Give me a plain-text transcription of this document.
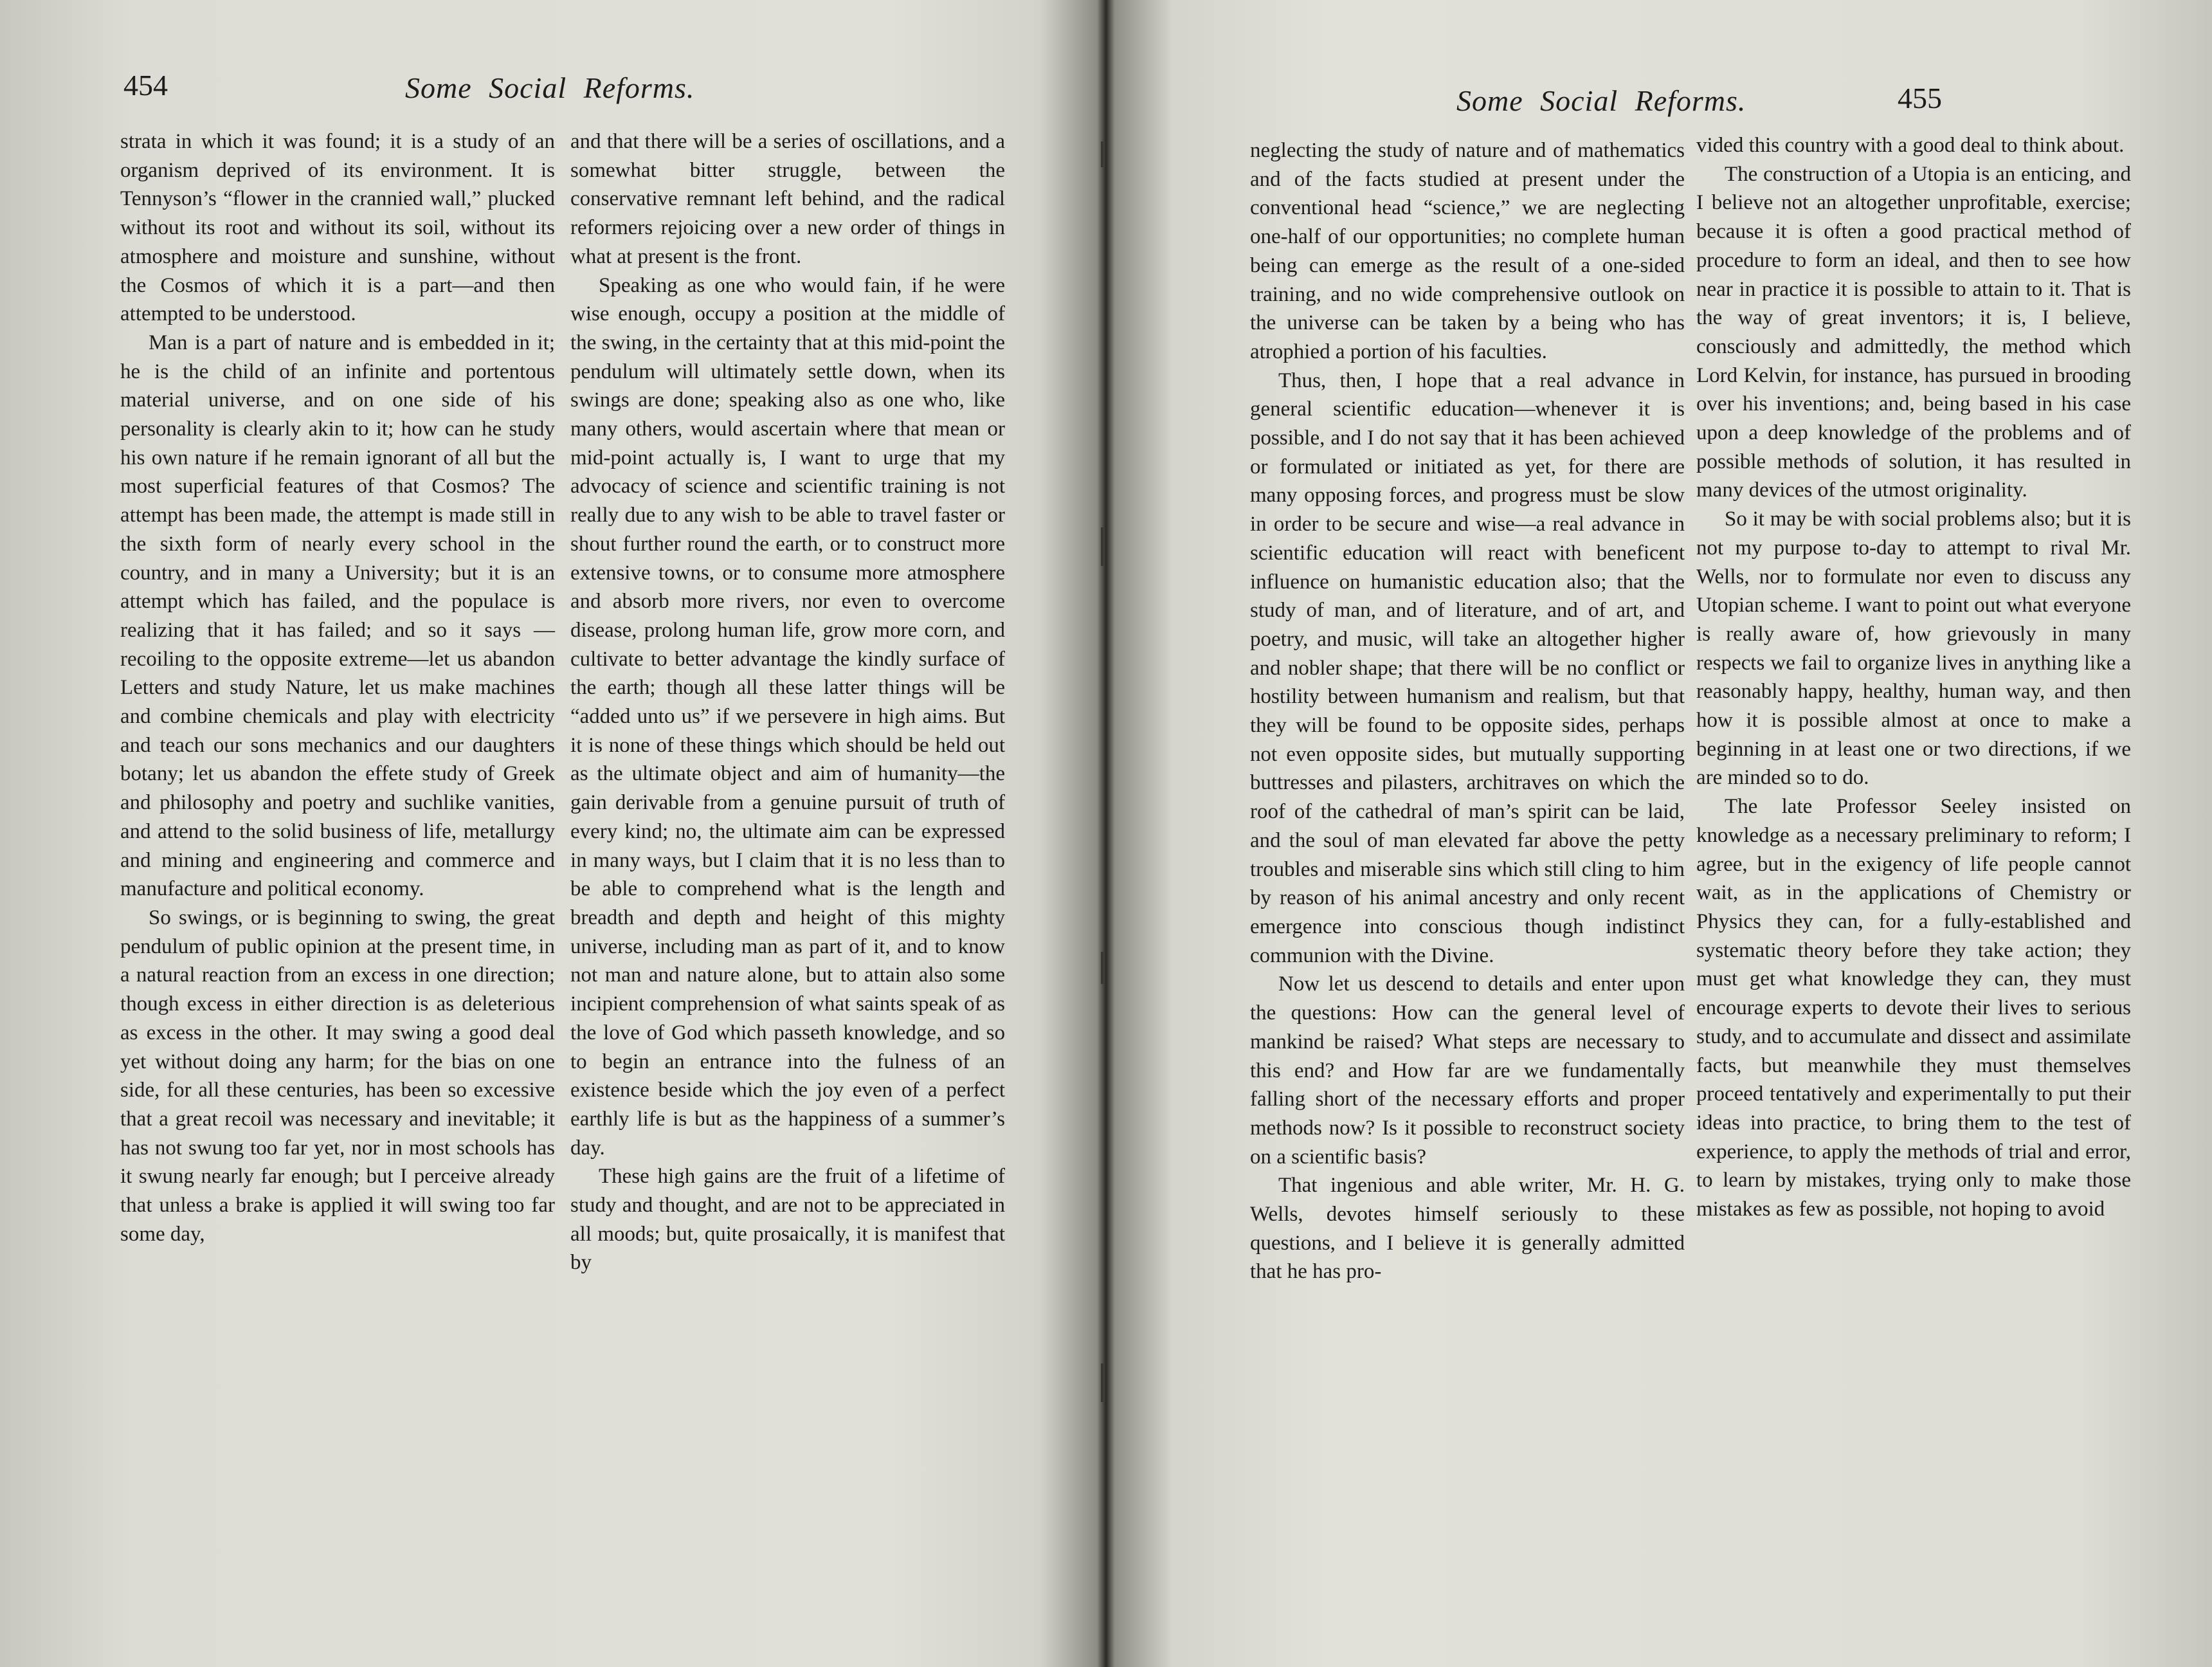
454	Some Social Reforms.

strata in which it was found; it is a study of an organism deprived of its environment. It is Tennyson’s “flower in the crannied wall,” plucked without its root and without its soil, without its atmosphere and moisture and sunshine, without the Cosmos of which it is a part—and then attempted to be understood.

Man is a part of nature and is embedded in it; he is the child of an infinite and portentous material universe, and on one side of his personality is clearly akin to it; how can he study his own nature if he remain ignorant of all but the most superficial features of that Cosmos? The attempt has been made, the attempt is made still in the sixth form of nearly every school in the country, and in many a University; but it is an attempt which has failed, and the populace is realizing that it has failed; and so it says —recoiling to the opposite extreme—let us abandon Letters and study Nature, let us make machines and combine chemicals and play with electricity and teach our sons mechanics and our daughters botany; let us abandon the effete study of Greek and philosophy and poetry and suchlike vanities, and attend to the solid business of life, metallurgy and mining and engineering and commerce and manufacture and political economy.

So swings, or is beginning to swing, the great pendulum of public opinion at the present time, in a natural reaction from an excess in one direction; though excess in either direction is as deleterious as excess in the other. It may swing a good deal yet without doing any harm; for the bias on one side, for all these centuries, has been so excessive that a great recoil was necessary and inevitable; it has not swung too far yet, nor in most schools has it swung nearly far enough; but I perceive already that unless a brake is applied it will swing too far some day,

and that there will be a series of oscillations, and a somewhat bitter struggle, between the conservative remnant left behind, and the radical reformers rejoicing over a new order of things in what at present is the front.

Speaking as one who would fain, if he were wise enough, occupy a position at the middle of the swing, in the certainty that at this mid-point the pendulum will ultimately settle down, when its swings are done; speaking also as one who, like many others, would ascertain where that mean or mid-point actually is, I want to urge that my advocacy of science and scientific training is not really due to any wish to be able to travel faster or shout further round the earth, or to construct more extensive towns, or to consume more atmosphere and absorb more rivers, nor even to overcome disease, prolong human life, grow more corn, and cultivate to better advantage the kindly surface of the earth; though all these latter things will be “added unto us” if we persevere in high aims. But it is none of these things which should be held out as the ultimate object and aim of humanity—the gain derivable from a genuine pursuit of truth of every kind; no, the ultimate aim can be expressed in many ways, but I claim that it is no less than to be able to comprehend what is the length and breadth and depth and height of this mighty universe, including man as part of it, and to know not man and nature alone, but to attain also some incipient comprehension of what saints speak of as the love of God which passeth knowledge, and so to begin an entrance into the fulness of an existence beside which the joy even of a perfect earthly life is but as the happiness of a summer’s day.

These high gains are the fruit of a lifetime of study and thought, and are not to be appreciated in all moods; but, quite prosaically, it is manifest that by

Some Social Reforms.	455

neglecting the study of nature and of mathematics and of the facts studied at present under the conventional head “science,” we are neglecting one-half of our opportunities; no complete human being can emerge as the result of a one-sided training, and no wide comprehensive outlook on the universe can be taken by a being who has atrophied a portion of his faculties.

Thus, then, I hope that a real advance in general scientific education—whenever it is possible, and I do not say that it has been achieved or formulated or initiated as yet, for there are many opposing forces, and progress must be slow in order to be secure and wise—a real advance in scientific education will react with beneficent influence on humanistic education also; that the study of man, and of literature, and of art, and poetry, and music, will take an altogether higher and nobler shape; that there will be no conflict or hostility between humanism and realism, but that they will be found to be opposite sides, perhaps not even opposite sides, but mutually supporting buttresses and pilasters, architraves on which the roof of the cathedral of man’s spirit can be laid, and the soul of man elevated far above the petty troubles and miserable sins which still cling to him by reason of his animal ancestry and only recent emergence into conscious though indistinct communion with the Divine.

Now let us descend to details and enter upon the questions: How can the general level of mankind be raised? What steps are necessary to this end? and How far are we fundamentally falling short of the necessary efforts and proper methods now? Is it possible to reconstruct society on a scientific basis?

That ingenious and able writer, Mr. H. G. Wells, devotes himself seriously to these questions, and I believe it is generally admitted that he has pro-

vided this country with a good deal to think about.

The construction of a Utopia is an enticing, and I believe not an altogether unprofitable, exercise; because it is often a good practical method of procedure to form an ideal, and then to see how near in practice it is possible to attain to it. That is the way of great inventors; it is, I believe, consciously and admittedly, the method which Lord Kelvin, for instance, has pursued in brooding over his inventions; and, being based in his case upon a deep knowledge of the problems and of possible methods of solution, it has resulted in many devices of the utmost originality.

So it may be with social problems also; but it is not my purpose to-day to attempt to rival Mr. Wells, nor to formulate nor even to discuss any Utopian scheme. I want to point out what everyone is really aware of, how grievously in many respects we fail to organize lives in anything like a reasonably happy, healthy, human way, and then how it is possible almost at once to make a beginning in at least one or two directions, if we are minded so to do.

The late Professor Seeley insisted on knowledge as a necessary preliminary to reform; I agree, but in the exigency of life people cannot wait, as in the applications of Chemistry or Physics they can, for a fully-established and systematic theory before they take action; they must get what knowledge they can, they must encourage experts to devote their lives to serious study, and to accumulate and dissect and assimilate facts, but meanwhile they must themselves proceed tentatively and experimentally to put their ideas into practice, to bring them to the test of experience, to apply the methods of trial and error, to learn by mistakes, trying only to make those mistakes as few as possible, not hoping to avoid
